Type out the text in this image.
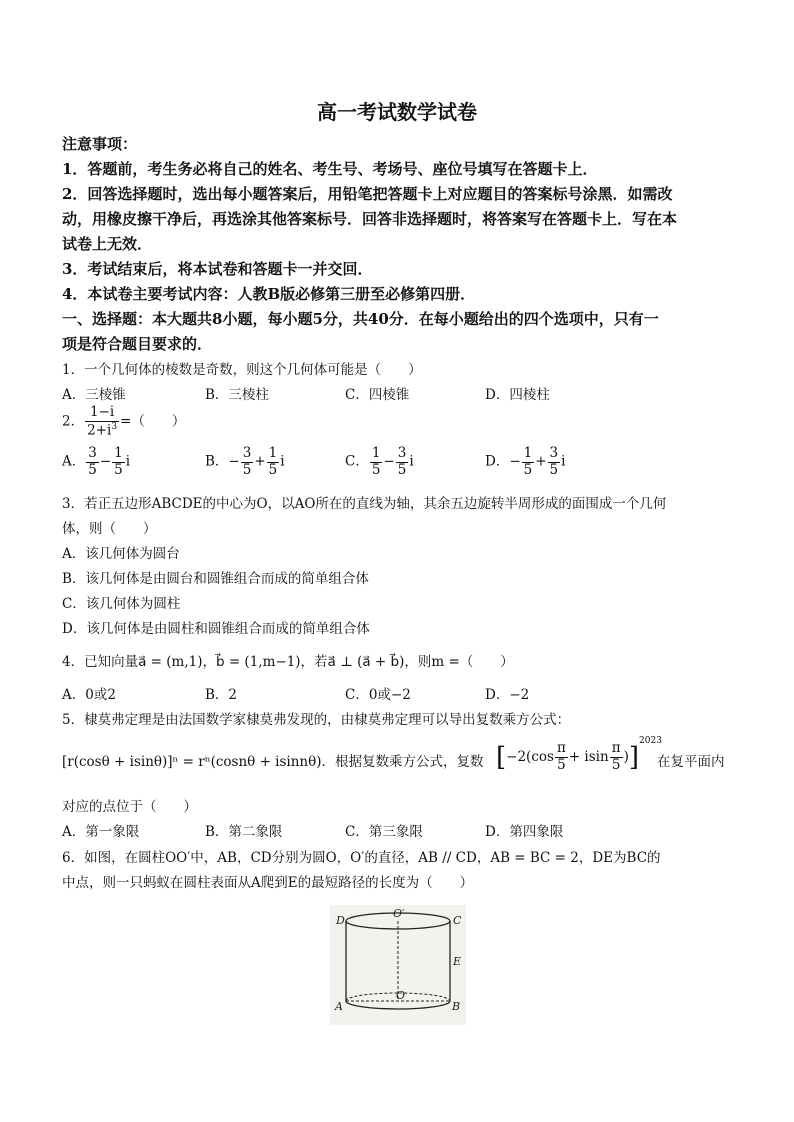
高一考试数学试卷
注意事项：
1．答题前，考生务必将自己的姓名、考生号、考场号、座位号填写在答题卡上．
2．回答选择题时，选出每小题答案后，用铅笔把答题卡上对应题目的答案标号涂黑．如需改
动，用橡皮擦干净后，再选涂其他答案标号．回答非选择题时，将答案写在答题卡上．写在本
试卷上无效．
3．考试结束后，将本试卷和答题卡一并交回．
4．本试卷主要考试内容：人教B版必修第三册至必修第四册．
一、选择题：本大题共8小题，每小题5分，共40分．在每小题给出的四个选项中，只有一
项是符合题目要求的．
1．一个几何体的棱数是奇数，则这个几何体可能是（　　）
A．三棱锥	B．三棱柱	C．四棱锥	D．四棱柱
2． $\frac{1-i}{2+i^3}$ =（　　）
A． $\frac{3}{5} - \frac{1}{5}$ i	B．− $\frac{3}{5} + \frac{1}{5}$ i	C． $\frac{1}{5} - \frac{3}{5}$ i	D．− $\frac{1}{5} + \frac{3}{5}$ i
3．若正五边形ABCDE的中心为O，以AO所在的直线为轴，其余五边旋转半周形成的面围成一个几何
体，则（　　）
A．该几何体为圆台
B．该几何体是由圆台和圆锥组合而成的简单组合体
C．该几何体为圆柱
D．该几何体是由圆柱和圆锥组合而成的简单组合体
4．已知向量a⃗ = (m,1)，b⃗ = (1,m−1)，若a⃗ ⊥ (a⃗ + b⃗)，则m =（　　）
A．0或2	B．2	C．0或−2	D．−2
5．棣莫弗定理是由法国数学家棣莫弗发现的，由棣莫弗定理可以导出复数乘方公式：
[r(cosθ + isinθ)]ⁿ = rⁿ(cosnθ + isinnθ)．根据复数乘方公式，复数 $[-2(\cos \frac{\pi}{5} + isin \frac{\pi}{5} )]^{2023}$
在复平面内
对应的点位于（　　）
A．第一象限	B．第二象限	C．第三象限	D．第四象限
6．如图，在圆柱OO′中，AB，CD分别为圆O，O′的直径，AB // CD，AB = BC = 2，DE为BC的
中点，则一只蚂蚁在圆柱表面从A爬到E的最短路径的长度为（　　）
D
O′
C
E
A
O
B
